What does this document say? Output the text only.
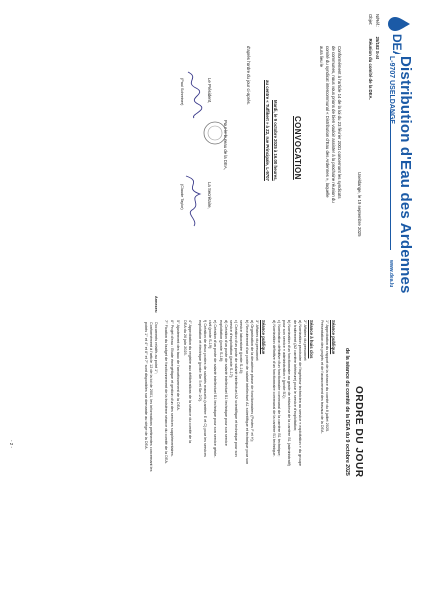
DEA
Distribution d'Eau des Ardennes
L-9707 USELDANGE
www.dea.lu
N/Réf.: 25/182 S-at
Objet: Réunion du comité de la DEA.
Useldange, le 19 septembre 2025
Conformément à l'article 14 de la loi du 23 février 2001 concernant les syndicats
de communes, nous vous prions de bien vouloir assister à la prochaine réunion du
comité du syndicat intercommunal « Distribution d'Eau des Ardennes », laquelle
aura lieu le
CONVOCATION
Mardi, le 9 octobre 2025 à 16.00 heures,
au centre « Tuffikert » à Z2, rue Principale, L-9707
d'après l'ordre du jour ci-après.
Pour le bureau de la DEA,
Le Président,
La Secrétaire,
(Paul Schreiner)
(Claude Taylor)
ORDRE DU JOUR
de la séance du comité de la DEA du 9 octobre 2025
Séance publique
1° Approbation du rapport de la séance du comité du 8 juillet 2025.
Présentation des projets et de l'avancement des travaux de la DEA.
Séance à huis clos
2° Affaires du personnel:
a) Nomination provisoire de l'ingénieur technicien au service « exploitation » du groupe
de traitement (A2 carrière inférieure) pour le service d'exploitation;
b) Nomination d'un fonctionnaire au grade de rédacteur de la carrière B1 (administratif)
pour son service « administration » (poste B1);
c) Nomination définitive d'un fonctionnaire communal de la carrière B1 technique;
d) Nomination définitive d'un fonctionnaire communal de la carrière B1 technique.
Séance publique
3° Affaires du personnel:
a) Organisation de la deuxième phase de fonctionnaires (Postes F et H);
b) Recrutement d'un poste de salarié intellectuel A1 scientifique et technique pour son
service laboratoire (poste S-16);
c) Création d'un poste de salarié intellectuel A2 scientifique et technique pour son
service d'exploitation (poste S-17);
d) Création d'un poste de salarié intellectuel B1 technique pour son service
exploitation (poste S-18);
e) Création d'un poste de salarié intellectuel B1 technique pour son service génie-
civil (poste S-19);
f) Création de deux postes de salariés manuels (carrière E et C) pour les services
exploitation et électrique (poste Sm 5 et Sm 2/2).
4° Approbation du registre aux délibérations de la séance du comité de la
DEA du 26 juin 2025.
5° Ajustement des taux de l'amortissement de la DEA.
6° Projet d'eau : Etude énergétique et gestion d'un des services supplémentaires.
7° Fixation du budget de fonctionnement de la troisième séance du comité de la DEA.
Annexes:
Documents relatifs au point 1°;
Conformément à l'article 12 de la loi de 2001, les informations pertinentes concernant les
points 1° et 4° et 6° et 7° sont disponibles sur demande au siège de la DEA.
- 2 -
